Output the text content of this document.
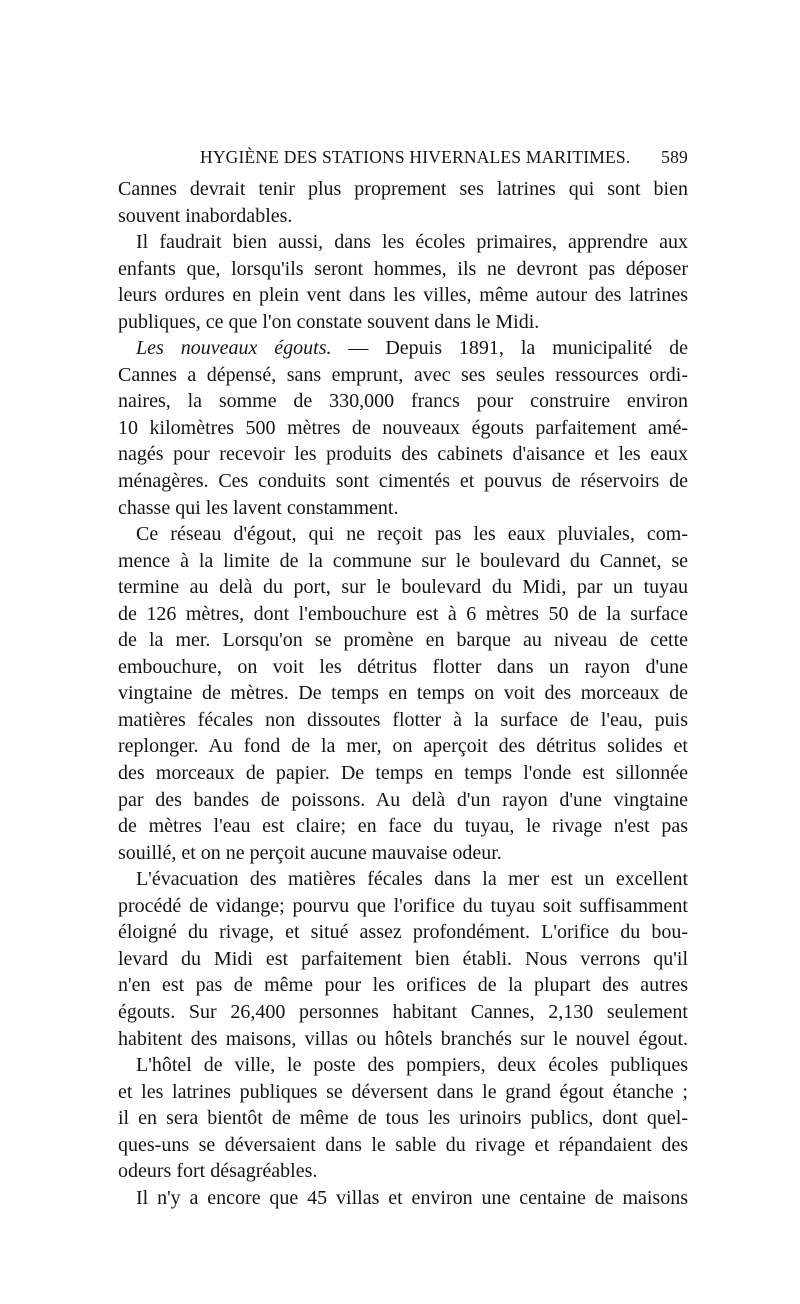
HYGIÈNE DES STATIONS HIVERNALES MARITIMES. 589
Cannes devrait tenir plus proprement ses latrines qui sont bien
souvent inabordables.
Il faudrait bien aussi, dans les écoles primaires, apprendre aux
enfants que, lorsqu'ils seront hommes, ils ne devront pas déposer
leurs ordures en plein vent dans les villes, même autour des latrines
publiques, ce que l'on constate souvent dans le Midi.
Les nouveaux égouts. — Depuis 1891, la municipalité de
Cannes a dépensé, sans emprunt, avec ses seules ressources ordi-
naires, la somme de 330,000 francs pour construire environ
10 kilomètres 500 mètres de nouveaux égouts parfaitement amé-
nagés pour recevoir les produits des cabinets d'aisance et les eaux
ménagères. Ces conduits sont cimentés et pouvus de réservoirs de
chasse qui les lavent constamment.
Ce réseau d'égout, qui ne reçoit pas les eaux pluviales, com-
mence à la limite de la commune sur le boulevard du Cannet, se
termine au delà du port, sur le boulevard du Midi, par un tuyau
de 126 mètres, dont l'embouchure est à 6 mètres 50 de la surface
de la mer. Lorsqu'on se promène en barque au niveau de cette
embouchure, on voit les détritus flotter dans un rayon d'une
vingtaine de mètres. De temps en temps on voit des morceaux de
matières fécales non dissoutes flotter à la surface de l'eau, puis
replonger. Au fond de la mer, on aperçoit des détritus solides et
des morceaux de papier. De temps en temps l'onde est sillonnée
par des bandes de poissons. Au delà d'un rayon d'une vingtaine
de mètres l'eau est claire; en face du tuyau, le rivage n'est pas
souillé, et on ne perçoit aucune mauvaise odeur.
L'évacuation des matières fécales dans la mer est un excellent
procédé de vidange; pourvu que l'orifice du tuyau soit suffisamment
éloigné du rivage, et situé assez profondément. L'orifice du bou-
levard du Midi est parfaitement bien établi. Nous verrons qu'il
n'en est pas de même pour les orifices de la plupart des autres
égouts. Sur 26,400 personnes habitant Cannes, 2,130 seulement
habitent des maisons, villas ou hôtels branchés sur le nouvel égout.
L'hôtel de ville, le poste des pompiers, deux écoles publiques
et les latrines publiques se déversent dans le grand égout étanche ;
il en sera bientôt de même de tous les urinoirs publics, dont quel-
ques-uns se déversaient dans le sable du rivage et répandaient des
odeurs fort désagréables.
Il n'y a encore que 45 villas et environ une centaine de maisons
